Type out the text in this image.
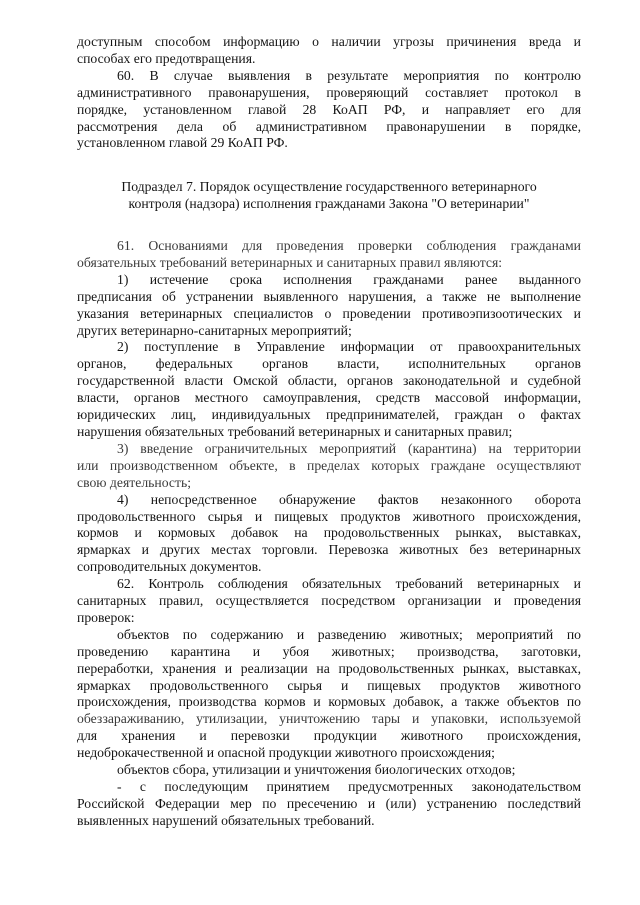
доступным способом информацию о наличии угрозы причинения вреда и
способах его предотвращения.
60. В случае выявления в результате мероприятия по контролю
административного правонарушения, проверяющий составляет протокол в
порядке, установленном главой 28 КоАП РФ, и направляет его для
рассмотрения дела об административном правонарушении в порядке,
установленном главой 29 КоАП РФ.
Подраздел 7. Порядок осуществление государственного ветеринарного
контроля (надзора) исполнения гражданами Закона "О ветеринарии"
61. Основаниями для проведения проверки соблюдения гражданами
обязательных требований ветеринарных и санитарных правил являются:
1) истечение срока исполнения гражданами ранее выданного
предписания об устранении выявленного нарушения, а также не выполнение
указания ветеринарных специалистов о проведении противоэпизоотических и
других ветеринарно-санитарных мероприятий;
2) поступление в Управление информации от правоохранительных
органов, федеральных органов власти, исполнительных органов
государственной власти Омской области, органов законодательной и судебной
власти, органов местного самоуправления, средств массовой информации,
юридических лиц, индивидуальных предпринимателей, граждан о фактах
нарушения обязательных требований ветеринарных и санитарных правил;
3) введение ограничительных мероприятий (карантина) на территории
или производственном объекте, в пределах которых граждане осуществляют
свою деятельность;
4) непосредственное обнаружение фактов незаконного оборота
продовольственного сырья и пищевых продуктов животного происхождения,
кормов и кормовых добавок на продовольственных рынках, выставках,
ярмарках и других местах торговли. Перевозка животных без ветеринарных
сопроводительных документов.
62. Контроль соблюдения обязательных требований ветеринарных и
санитарных правил, осуществляется посредством организации и проведения
проверок:
объектов по содержанию и разведению животных; мероприятий по
проведению карантина и убоя животных; производства, заготовки,
переработки, хранения и реализации на продовольственных рынках, выставках,
ярмарках продовольственного сырья и пищевых продуктов животного
происхождения, производства кормов и кормовых добавок, а также объектов по
обеззараживанию, утилизации, уничтожению тары и упаковки, используемой
для хранения и перевозки продукции животного происхождения,
недоброкачественной и опасной продукции животного происхождения;
объектов сбора, утилизации и уничтожения биологических отходов;
- с последующим принятием предусмотренных законодательством
Российской Федерации мер по пресечению и (или) устранению последствий
выявленных нарушений обязательных требований.
